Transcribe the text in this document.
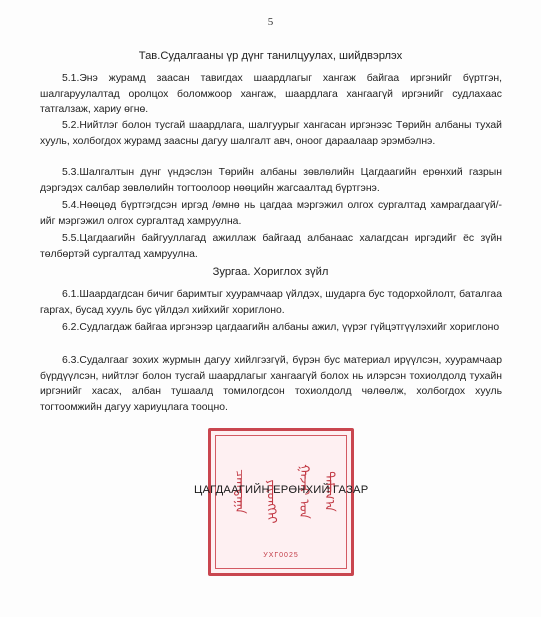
5
Тав.Судалгааны үр дүнг танилцуулах, шийдвэрлэх

5.1.Энэ журамд заасан тавигдах шаардлагыг хангаж байгаа иргэнийг бүртгэн, шалгаруулалтад оролцох боломжоор хангаж, шаардлага хангаагүй иргэнийг судлахаас татгалзаж, хариу өгнө.

5.2.Нийтлэг болон тусгай шаардлага, шалгуурыг хангасан иргэнээс Төрийн албаны тухай хууль, холбогдох журамд заасны дагуу шалгалт авч, оноог дараалаар эрэмбэлнэ.

5.3.Шалгалтын дүнг үндэслэн Төрийн албаны зөвлөлийн Цагдаагийн ерөнхий газрын дэргэдэх салбар зөвлөлийн тогтоолоор нөөцийн жагсаалтад бүртгэнэ.

5.4.Нөөцөд бүртгэгдсэн иргэд /өмнө нь цагдаа мэргэжил олгох сургалтад хамрагдаагүй/-ийг мэргэжил олгох сургалтад хамруулна.

5.5.Цагдаагийн байгууллагад ажиллаж байгаад албанаас халагдсан иргэдийг ёс зүйн төлбөртэй сургалтад хамруулна.

Зургаа. Хориглох зүйл

6.1.Шаардагдсан бичиг баримтыг хуурамчаар үйлдэх, шударга бус тодорхойлолт, баталгаа гаргах, бусад хууль бус үйлдэл хийхийг хориглоно.

6.2.Судлагдаж байгаа иргэнээр цагдаагийн албаны ажил, үүрэг гүйцэтгүүлэхийг хориглоно

6.3.Судалгааг зохих журмын дагуу хийлгэзгүй, бүрэн бус материал ирүүлсэн, хуурамчаар бүрдүүлсэн, нийтлэг болон тусгай шаардлагыг хангаагүй болох нь илэрсэн тохиолдолд тухайн иргэнийг хасах, албан тушаалд томилогдсон тохиолдолд чөлөөлж, холбогдох хууль тогтоомжийн дагуу хариуцлага тооцно.

ᠴᠠᠭᠳᠠᠭᠠ	ᠶᠡᠷᠦᠩᠬᠡᠢ	ᠭᠠᠵᠠᠷ ᠤᠨ ᠲᠠᠮᠠᠭ᠎ᠠ
УХГ0025
ЦАГДААГИЙН ЕРӨНХИЙ ГАЗАР
